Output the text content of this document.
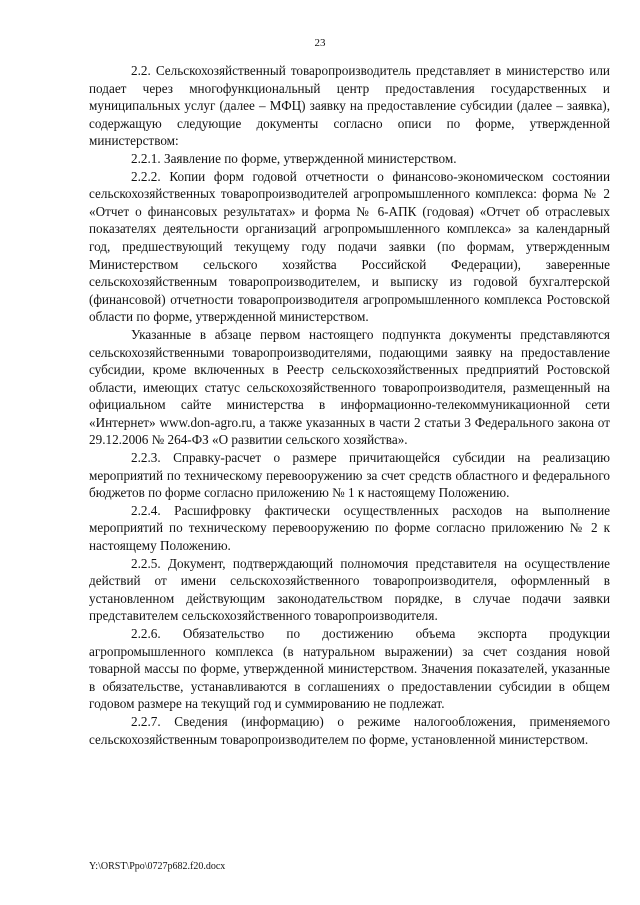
23

2.2. Сельскохозяйственный товаропроизводитель представляет в министерство или подает через многофункциональный центр предоставления государственных и муниципальных услуг (далее – МФЦ) заявку на предоставление субсидии (далее – заявка), содержащую следующие документы согласно описи по форме, утвержденной министерством:

2.2.1. Заявление по форме, утвержденной министерством.

2.2.2. Копии форм годовой отчетности о финансово-экономическом состоянии сельскохозяйственных товаропроизводителей агропромышленного комплекса: форма № 2 «Отчет о финансовых результатах» и форма № 6-АПК (годовая) «Отчет об отраслевых показателях деятельности организаций агропромышленного комплекса» за календарный год, предшествующий текущему году подачи заявки (по формам, утвержденным Министерством сельского хозяйства Российской Федерации), заверенные сельскохозяйственным товаропроизводителем, и выписку из годовой бухгалтерской (финансовой) отчетности товаропроизводителя агропромышленного комплекса Ростовской области по форме, утвержденной министерством.

Указанные в абзаце первом настоящего подпункта документы представляются сельскохозяйственными товаропроизводителями, подающими заявку на предоставление субсидии, кроме включенных в Реестр сельскохозяйственных предприятий Ростовской области, имеющих статус сельскохозяйственного товаропроизводителя, размещенный на официальном сайте министерства в информационно-телекоммуникационной сети «Интернет» www.don-agro.ru, а также указанных в части 2 статьи 3 Федерального закона от 29.12.2006 № 264-ФЗ «О развитии сельского хозяйства».

2.2.3. Справку-расчет о размере причитающейся субсидии на реализацию мероприятий по техническому перевооружению за счет средств областного и федерального бюджетов по форме согласно приложению № 1 к настоящему Положению.

2.2.4. Расшифровку фактически осуществленных расходов на выполнение мероприятий по техническому перевооружению по форме согласно приложению № 2 к настоящему Положению.

2.2.5. Документ, подтверждающий полномочия представителя на осуществление действий от имени сельскохозяйственного товаропроизводителя, оформленный в установленном действующим законодательством порядке, в случае подачи заявки представителем сельскохозяйственного товаропроизводителя.

2.2.6. Обязательство по достижению объема экспорта продукции агропромышленного комплекса (в натуральном выражении) за счет создания новой товарной массы по форме, утвержденной министерством. Значения показателей, указанные в обязательстве, устанавливаются в соглашениях о предоставлении субсидии в общем годовом размере на текущий год и суммированию не подлежат.

2.2.7. Сведения (информацию) о режиме налогообложения, применяемого сельскохозяйственным товаропроизводителем по форме, установленной министерством.

Y:\ORST\Ppo\0727p682.f20.docx
